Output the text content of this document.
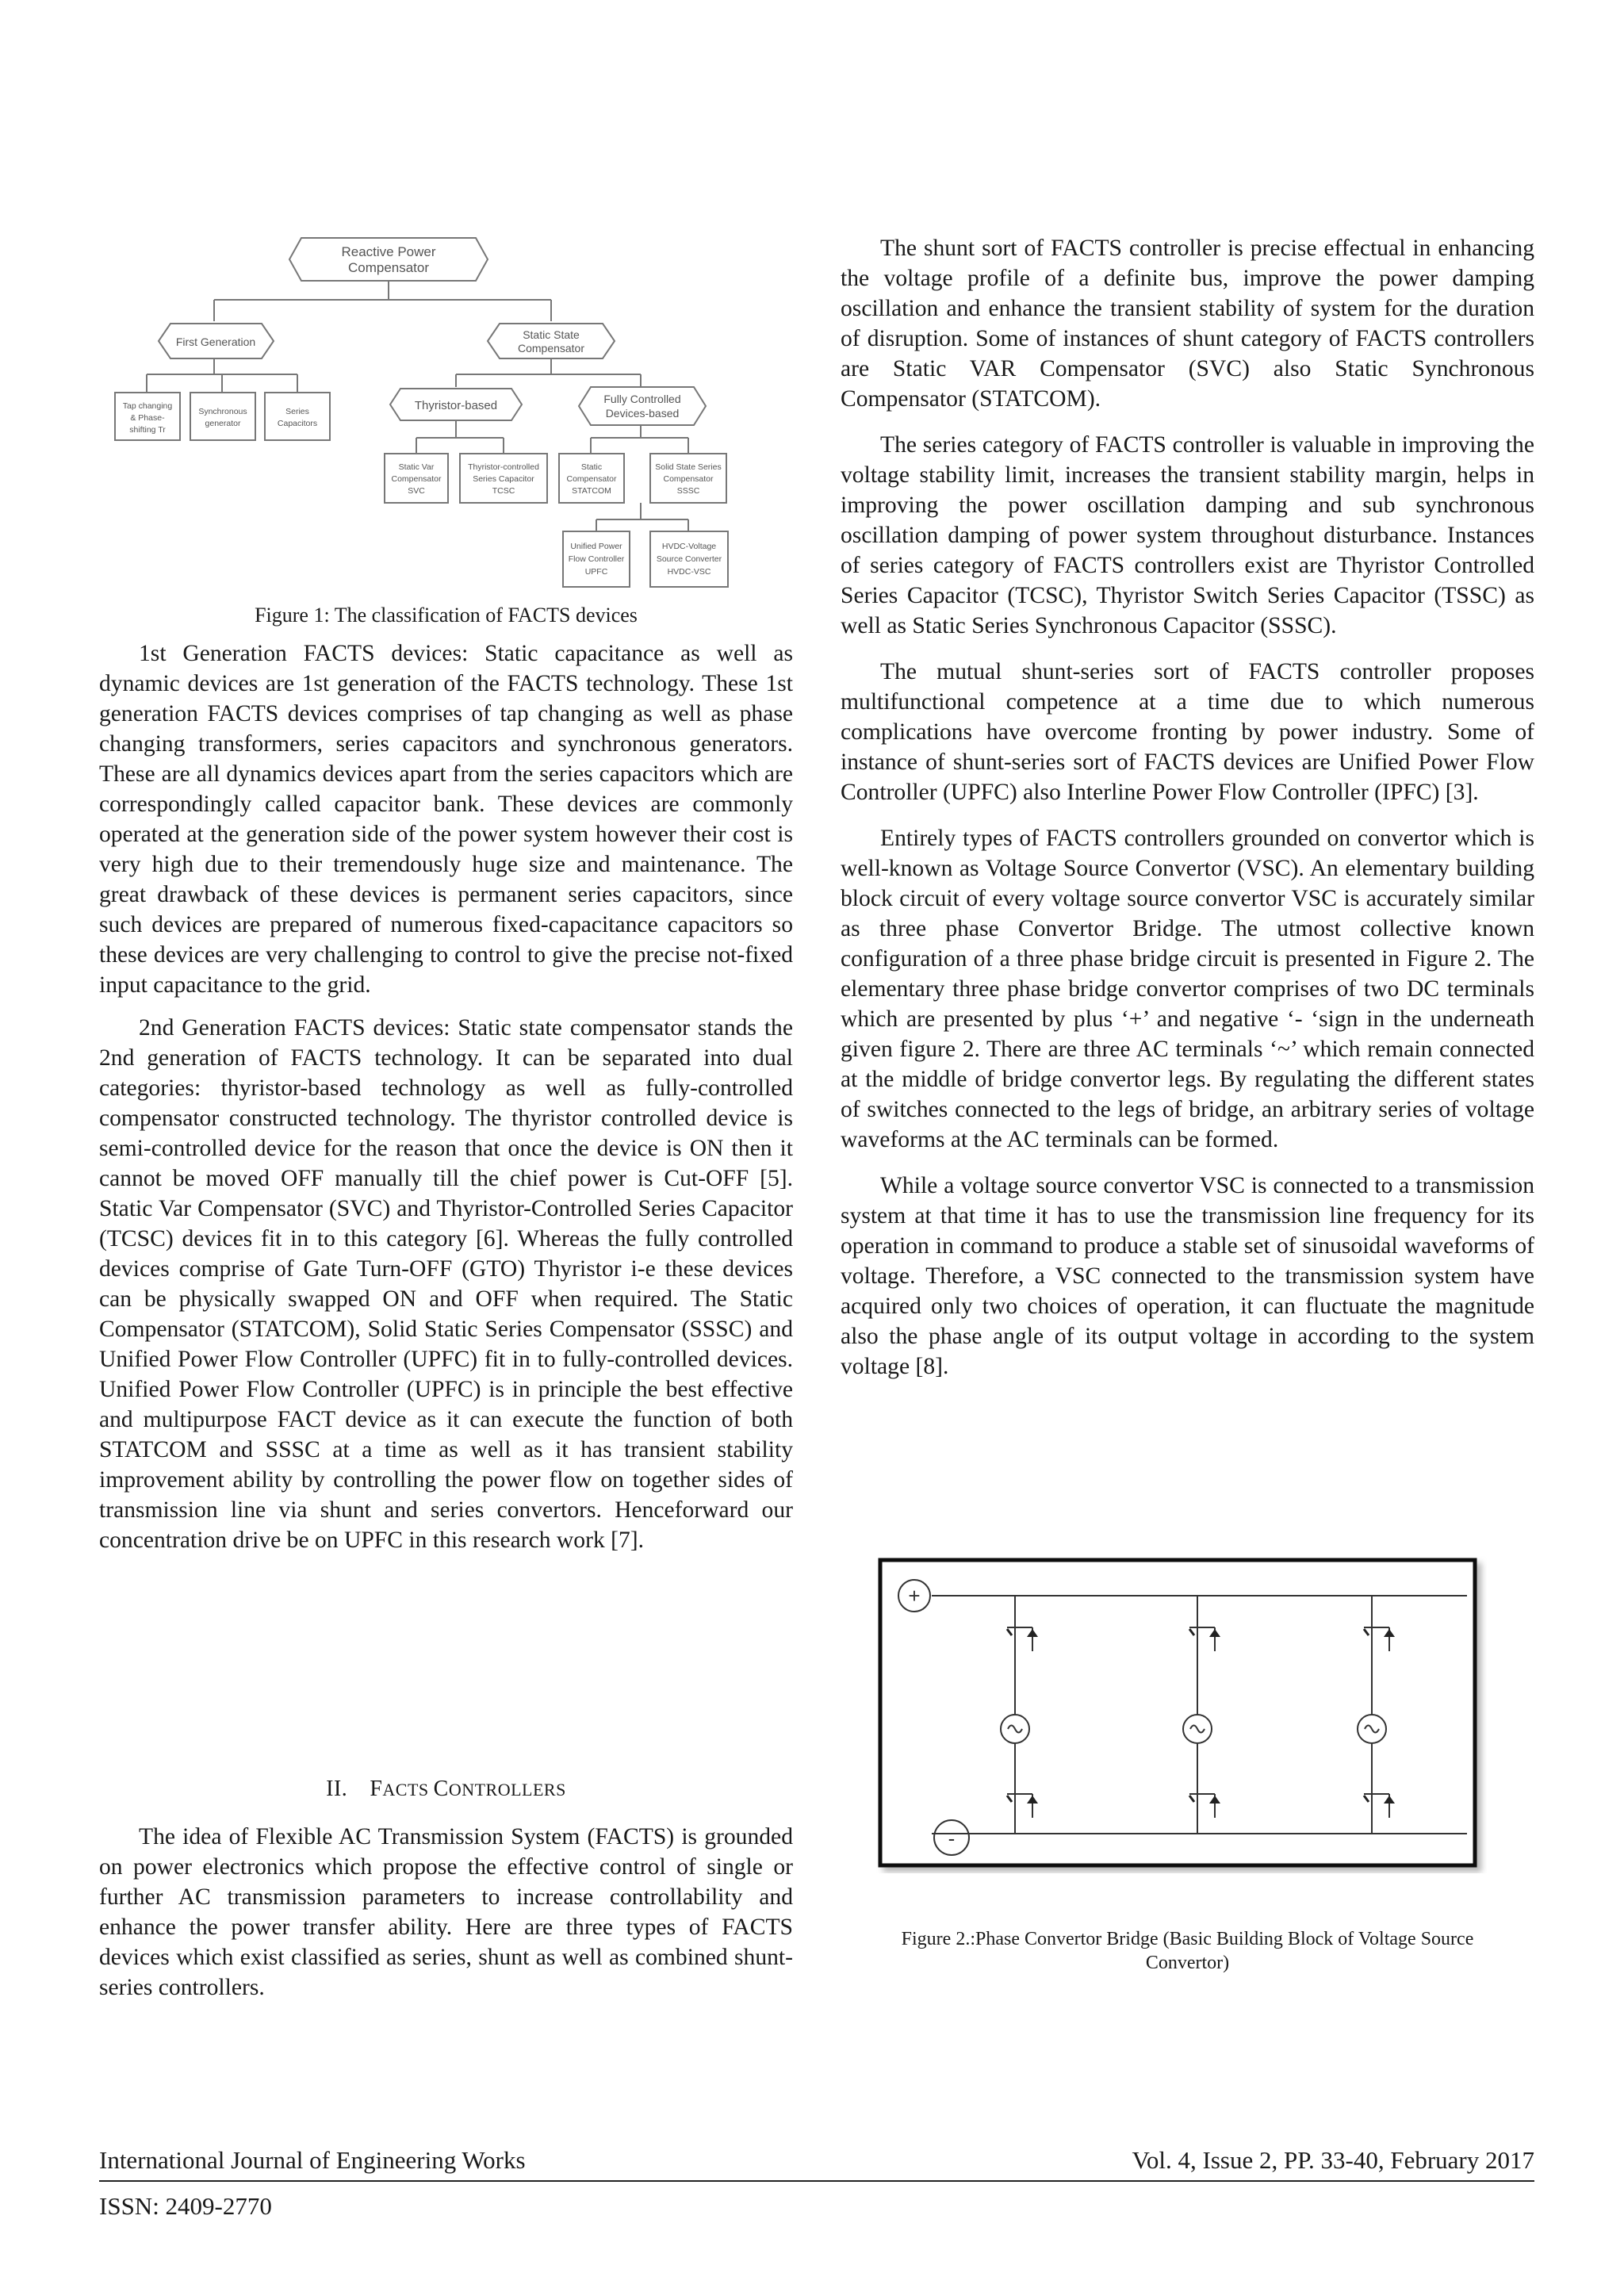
Reactive Power
Compensator
First Generation
Static State
Compensator
Tap changing
& Phase-
shifting Tr
Synchronous
generator
Series
Capacitors
Thyristor-based	Fully Controlled
Devices-based
Static Var
Compensator
SVC
Thyristor-controlled
Series Capacitor
TCSC
Static
Compensator
STATCOM
Solid State Series
Compensator
SSSC
Unified Power
Flow Controller
UPFC
HVDC-Voltage
Source Converter
HVDC-VSC
Figure 1: The classification of FACTS devices

1st Generation FACTS devices: Static capacitance as well as dynamic devices are 1st generation of the FACTS technology. These 1st generation FACTS devices comprises of tap changing as well as phase changing transformers, series capacitors and synchronous generators. These are all dynamics devices apart from the series capacitors which are correspondingly called capacitor bank. These devices are commonly operated at the generation side of the power system however their cost is very high due to their tremendously huge size and maintenance. The great drawback of these devices is permanent series capacitors, since such devices are prepared of numerous fixed-capacitance capacitors so these devices are very challenging to control to give the precise not-fixed input capacitance to the grid.

2nd Generation FACTS devices: Static state compensator stands the 2nd generation of FACTS technology. It can be separated into dual categories: thyristor-based technology as well as fully-controlled compensator constructed technology. The thyristor controlled device is semi-controlled device for the reason that once the device is ON then it cannot be moved OFF manually till the chief power is Cut-OFF [5]. Static Var Compensator (SVC) and Thyristor-Controlled Series Capacitor (TCSC) devices fit in to this category [6]. Whereas the fully controlled devices comprise of Gate Turn-OFF (GTO) Thyristor i-e these devices can be physically swapped ON and OFF when required. The Static Compensator (STATCOM), Solid Static Series Compensator (SSSC) and Unified Power Flow Controller (UPFC) fit in to fully-controlled devices. Unified Power Flow Controller (UPFC) is in principle the best effective and multipurpose FACT device as it can execute the function of both STATCOM and SSSC at a time as well as it has transient stability improvement ability by controlling the power flow on together sides of transmission line via shunt and series convertors. Henceforward our concentration drive be on UPFC in this research work [7].

II. FACTS CONTROLLERS

The idea of Flexible AC Transmission System (FACTS) is grounded on power electronics which propose the effective control of single or further AC transmission parameters to increase controllability and enhance the power transfer ability. Here are three types of FACTS devices which exist classified as series, shunt as well as combined shunt-series controllers.

The shunt sort of FACTS controller is precise effectual in enhancing the voltage profile of a definite bus, improve the power damping oscillation and enhance the transient stability of system for the duration of disruption. Some of instances of shunt category of FACTS controllers are Static VAR Compensator (SVC) also Static Synchronous Compensator (STATCOM).

The series category of FACTS controller is valuable in improving the voltage stability limit, increases the transient stability margin, helps in improving the power oscillation damping and sub synchronous oscillation damping of power system throughout disturbance. Instances of series category of FACTS controllers exist are Thyristor Controlled Series Capacitor (TCSC), Thyristor Switch Series Capacitor (TSSC) as well as Static Series Synchronous Capacitor (SSSC).

The mutual shunt-series sort of FACTS controller proposes multifunctional competence at a time due to which numerous complications have overcome fronting by power industry. Some of instance of shunt-series sort of FACTS devices are Unified Power Flow Controller (UPFC) also Interline Power Flow Controller (IPFC) [3].

Entirely types of FACTS controllers grounded on convertor which is well-known as Voltage Source Convertor (VSC). An elementary building block circuit of every voltage source convertor VSC is accurately similar as three phase Convertor Bridge. The utmost collective known configuration of a three phase bridge circuit is presented in Figure 2. The elementary three phase bridge convertor comprises of two DC terminals which are presented by plus ‘+’ and negative ‘- ‘sign in the underneath given figure 2. There are three AC terminals ‘~’ which remain connected at the middle of bridge convertor legs. By regulating the different states of switches connected to the legs of bridge, an arbitrary series of voltage waveforms at the AC terminals can be formed.

While a voltage source convertor VSC is connected to a transmission system at that time it has to use the transmission line frequency for its operation in command to produce a stable set of sinusoidal waveforms of voltage. Therefore, a VSC connected to the transmission system have acquired only two choices of operation, it can fluctuate the magnitude also the phase angle of its output voltage in according to the system voltage [8].

+
-
Figure 2.:Phase Convertor Bridge (Basic Building Block of Voltage Source
Convertor)
International Journal of Engineering Works	Vol. 4, Issue 2, PP. 33-40, February 2017
ISSN: 2409-2770
